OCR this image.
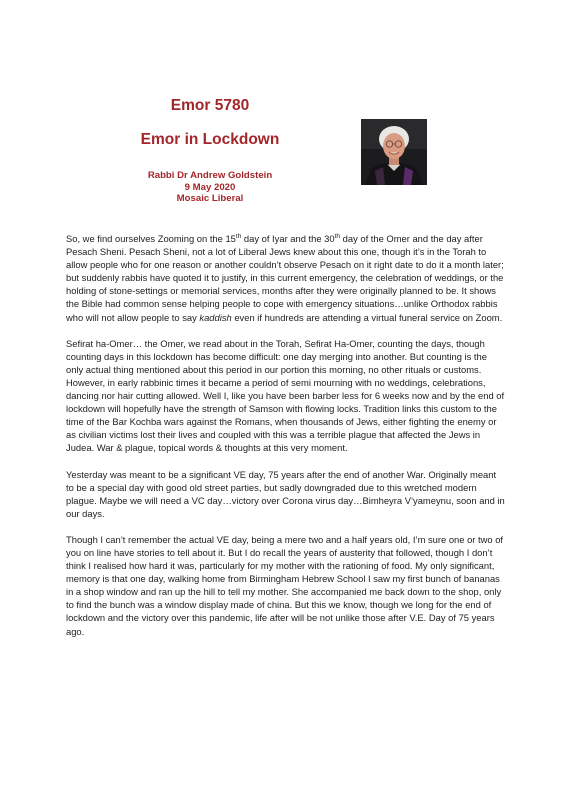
Emor 5780
Emor in Lockdown
Rabbi Dr Andrew Goldstein
9 May 2020
Mosaic Liberal

So, we find ourselves Zooming on the 15th day of Iyar and the 30th day of the Omer and the day after Pesach Sheni. Pesach Sheni, not a lot of Liberal Jews knew about this one, though it’s in the Torah to allow people who for one reason or another couldn’t observe Pesach on it right date to do it a month later; but suddenly rabbis have quoted it to justify, in this current emergency, the celebration of weddings, or the holding of stone-settings or memorial services, months after they were originally planned to be. It shows the Bible had common sense helping people to cope with emergency situations…unlike Orthodox rabbis who will not allow people to say kaddish even if hundreds are attending a virtual funeral service on Zoom.

Sefirat ha-Omer… the Omer, we read about in the Torah, Sefirat Ha-Omer, counting the days, though counting days in this lockdown has become difficult: one day merging into another. But counting is the only actual thing mentioned about this period in our portion this morning, no other rituals or customs. However, in early rabbinic times it became a period of semi mourning with no weddings, celebrations, dancing nor hair cutting allowed. Well I, like you have been barber less for 6 weeks now and by the end of lockdown will hopefully have the strength of Samson with flowing locks. Tradition links this custom to the time of the Bar Kochba wars against the Romans, when thousands of Jews, either fighting the enemy or as civilian victims lost their lives and coupled with this was a terrible plague that affected the Jews in Judea. War & plague, topical words & thoughts at this very moment.

Yesterday was meant to be a significant VE day, 75 years after the end of another War. Originally meant to be a special day with good old street parties, but sadly downgraded due to this wretched modern plague. Maybe we will need a VC day…victory over Corona virus day…Bimheyra V’yameynu, soon and in our days.

Though I can’t remember the actual VE day, being a mere two and a half years old, I’m sure one or two of you on line have stories to tell about it. But I do recall the years of austerity that followed, though I don’t think I realised how hard it was, particularly for my mother with the rationing of food. My only significant, memory is that one day, walking home from Birmingham Hebrew School I saw my first bunch of bananas in a shop window and ran up the hill to tell my mother. She accompanied me back down to the shop, only to find the bunch was a window display made of china. But this we know, though we long for the end of lockdown and the victory over this pandemic, life after will be not unlike those after V.E. Day of 75 years ago.
